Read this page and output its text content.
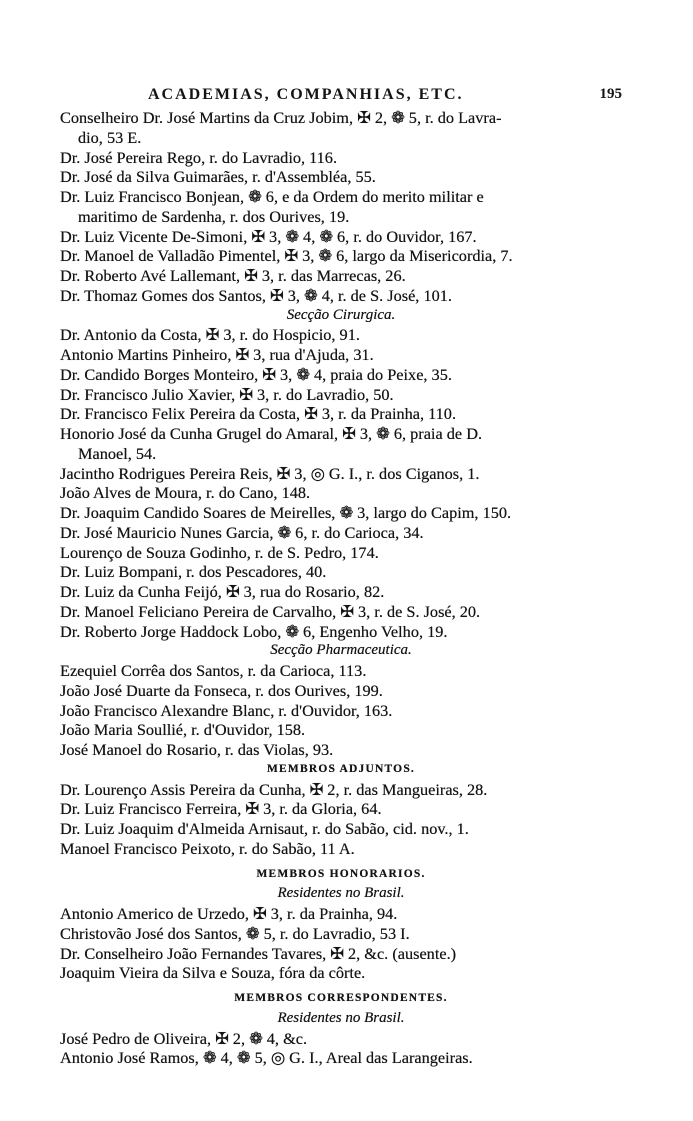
ACADEMIAS, COMPANHIAS, ETC.	195
Conselheiro Dr. José Martins da Cruz Jobim, ✠ 2, ❁ 5, r. do Lavra-
dio, 53 E.
Dr. José Pereira Rego, r. do Lavradio, 116.
Dr. José da Silva Guimarães, r. d'Assembléa, 55.
Dr. Luiz Francisco Bonjean, ❁ 6, e da Ordem do merito militar e
maritimo de Sardenha, r. dos Ourives, 19.
Dr. Luiz Vicente De-Simoni, ✠ 3, ❁ 4, ❁ 6, r. do Ouvidor, 167.
Dr. Manoel de Valladão Pimentel, ✠ 3, ❁ 6, largo da Misericordia, 7.
Dr. Roberto Avé Lallemant, ✠ 3, r. das Marrecas, 26.
Dr. Thomaz Gomes dos Santos, ✠ 3, ❁ 4, r. de S. José, 101.
Secção Cirurgica.
Dr. Antonio da Costa, ✠ 3, r. do Hospicio, 91.
Antonio Martins Pinheiro, ✠ 3, rua d'Ajuda, 31.
Dr. Candido Borges Monteiro, ✠ 3, ❁ 4, praia do Peixe, 35.
Dr. Francisco Julio Xavier, ✠ 3, r. do Lavradio, 50.
Dr. Francisco Felix Pereira da Costa, ✠ 3, r. da Prainha, 110.
Honorio José da Cunha Grugel do Amaral, ✠ 3, ❁ 6, praia de D.
Manoel, 54.
Jacintho Rodrigues Pereira Reis, ✠ 3, ◎ G. I., r. dos Ciganos, 1.
João Alves de Moura, r. do Cano, 148.
Dr. Joaquim Candido Soares de Meirelles, ❁ 3, largo do Capim, 150.
Dr. José Mauricio Nunes Garcia, ❁ 6, r. do Carioca, 34.
Lourenço de Souza Godinho, r. de S. Pedro, 174.
Dr. Luiz Bompani, r. dos Pescadores, 40.
Dr. Luiz da Cunha Feijó, ✠ 3, rua do Rosario, 82.
Dr. Manoel Feliciano Pereira de Carvalho, ✠ 3, r. de S. José, 20.
Dr. Roberto Jorge Haddock Lobo, ❁ 6, Engenho Velho, 19.
Secção Pharmaceutica.
Ezequiel Corrêa dos Santos, r. da Carioca, 113.
João José Duarte da Fonseca, r. dos Ourives, 199.
João Francisco Alexandre Blanc, r. d'Ouvidor, 163.
João Maria Soullié, r. d'Ouvidor, 158.
José Manoel do Rosario, r. das Violas, 93.
MEMBROS ADJUNTOS.
Dr. Lourenço Assis Pereira da Cunha, ✠ 2, r. das Mangueiras, 28.
Dr. Luiz Francisco Ferreira, ✠ 3, r. da Gloria, 64.
Dr. Luiz Joaquim d'Almeida Arnisaut, r. do Sabão, cid. nov., 1.
Manoel Francisco Peixoto, r. do Sabão, 11 A.
MEMBROS HONORARIOS.
Residentes no Brasil.
Antonio Americo de Urzedo, ✠ 3, r. da Prainha, 94.
Christovão José dos Santos, ❁ 5, r. do Lavradio, 53 I.
Dr. Conselheiro João Fernandes Tavares, ✠ 2, &c. (ausente.)
Joaquim Vieira da Silva e Souza, fóra da côrte.
MEMBROS CORRESPONDENTES.
Residentes no Brasil.
José Pedro de Oliveira, ✠ 2, ❁ 4, &c.
Antonio José Ramos, ❁ 4, ❁ 5, ◎ G. I., Areal das Larangeiras.
